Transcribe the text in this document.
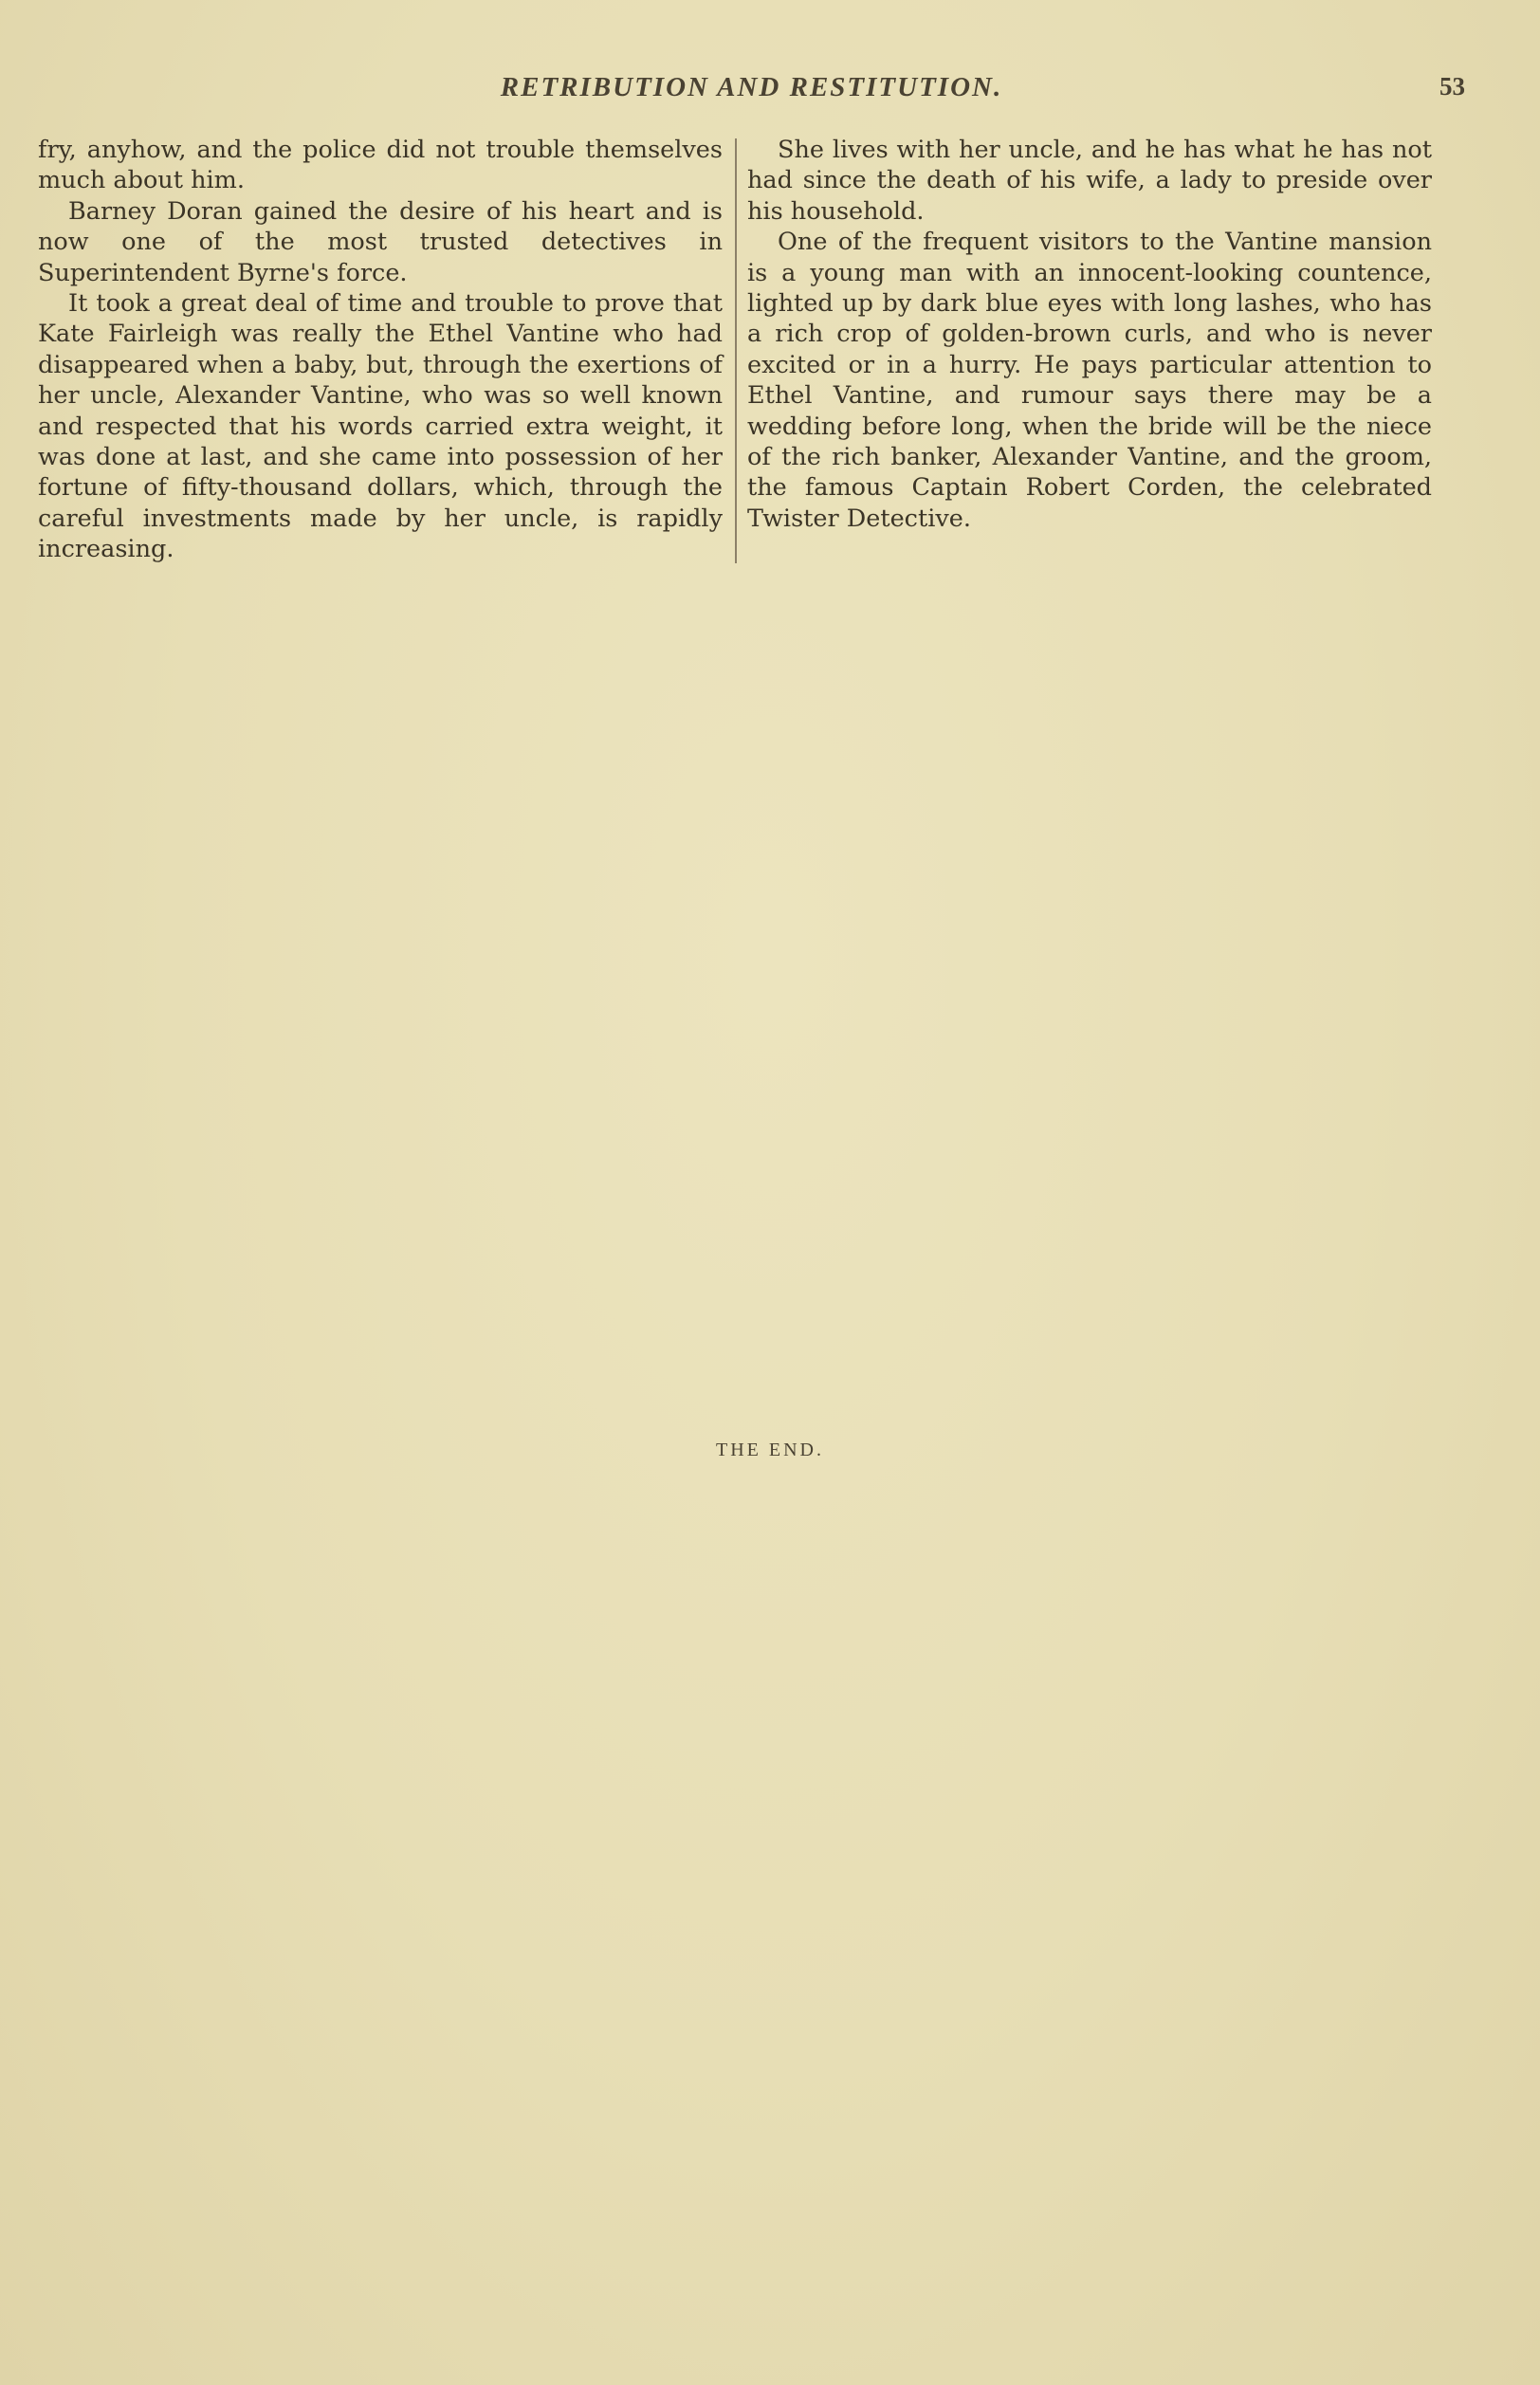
RETRIBUTION AND RESTITUTION.	53

fry, anyhow, and the police did not trouble themselves much about him.

Barney Doran gained the desire of his heart and is now one of the most trusted detectives in Superintendent Byrne's force.

It took a great deal of time and trouble to prove that Kate Fairleigh was really the Ethel Vantine who had disappeared when a baby, but, through the exertions of her uncle, Alexander Vantine, who was so well known and respected that his words carried extra weight, it was done at last, and she came into possession of her fortune of fifty-thousand dollars, which, through the careful investments made by her uncle, is rapidly increasing.

She lives with her uncle, and he has what he has not had since the death of his wife, a lady to preside over his household.

One of the frequent visitors to the Vantine mansion is a young man with an innocent-looking countence, lighted up by dark blue eyes with long lashes, who has a rich crop of golden-brown curls, and who is never excited or in a hurry. He pays particular attention to Ethel Vantine, and rumour says there may be a wedding before long, when the bride will be the niece of the rich banker, Alexander Vantine, and the groom, the famous Captain Robert Corden, the celebrated Twister Detective.

THE END.
